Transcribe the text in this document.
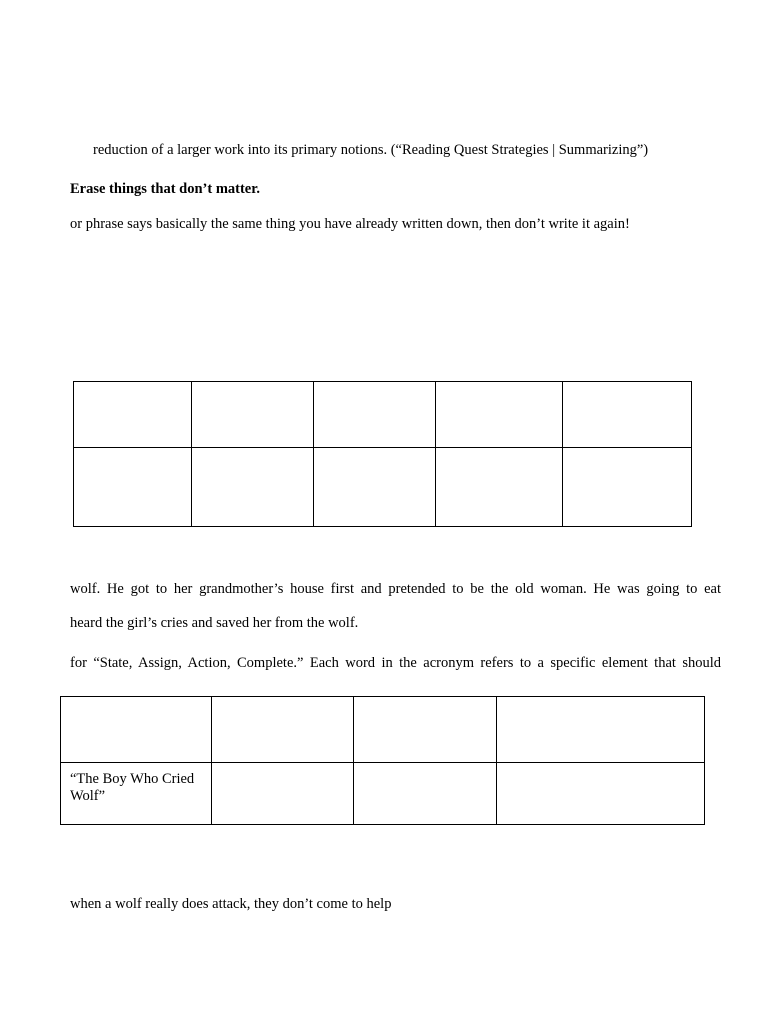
reduction of a larger work into its primary notions. (“Reading Quest Strategies | Summarizing”)

Erase things that don’t matter.

or phrase says basically the same thing you have already written down, then don’t write it again!

wolf. He got to her grandmother’s house first and pretended to be the old woman. He was going to eat

heard the girl’s cries and saved her from the wolf.

for “State, Assign, Action, Complete.” Each word in the acronym refers to a specific element that should

“The Boy Who Cried Wolf”			

when a wolf really does attack, they don’t come to help
